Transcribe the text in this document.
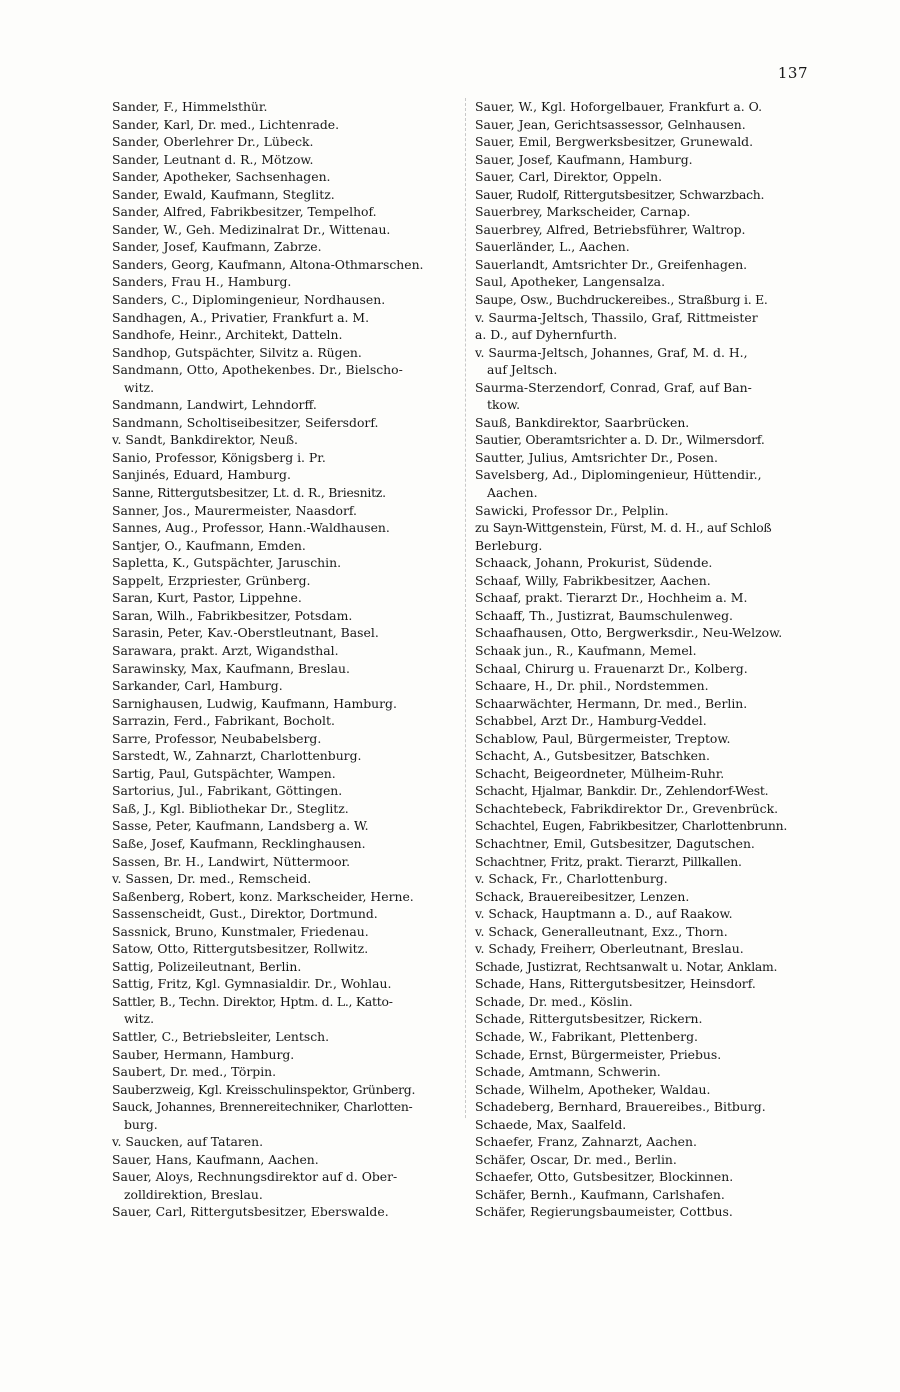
137
Sander, F., Himmelsthür.
Sander, Karl, Dr. med., Lichtenrade.
Sander, Oberlehrer Dr., Lübeck.
Sander, Leutnant d. R., Mötzow.
Sander, Apotheker, Sachsenhagen.
Sander, Ewald, Kaufmann, Steglitz.
Sander, Alfred, Fabrikbesitzer, Tempelhof.
Sander, W., Geh. Medizinalrat Dr., Wittenau.
Sander, Josef, Kaufmann, Zabrze.
Sanders, Georg, Kaufmann, Altona-Othmarschen.
Sanders, Frau H., Hamburg.
Sanders, C., Diplomingenieur, Nordhausen.
Sandhagen, A., Privatier, Frankfurt a. M.
Sandhofe, Heinr., Architekt, Datteln.
Sandhop, Gutspächter, Silvitz a. Rügen.
Sandmann, Otto, Apothekenbes. Dr., Bielscho-
witz.
Sandmann, Landwirt, Lehndorff.
Sandmann, Scholtiseibesitzer, Seifersdorf.
v. Sandt, Bankdirektor, Neuß.
Sanio, Professor, Königsberg i. Pr.
Sanjinés, Eduard, Hamburg.
Sanne, Rittergutsbesitzer, Lt. d. R., Briesnitz.
Sanner, Jos., Maurermeister, Naasdorf.
Sannes, Aug., Professor, Hann.-Waldhausen.
Santjer, O., Kaufmann, Emden.
Sapletta, K., Gutspächter, Jaruschin.
Sappelt, Erzpriester, Grünberg.
Saran, Kurt, Pastor, Lippehne.
Saran, Wilh., Fabrikbesitzer, Potsdam.
Sarasin, Peter, Kav.-Oberstleutnant, Basel.
Sarawara, prakt. Arzt, Wigandsthal.
Sarawinsky, Max, Kaufmann, Breslau.
Sarkander, Carl, Hamburg.
Sarnighausen, Ludwig, Kaufmann, Hamburg.
Sarrazin, Ferd., Fabrikant, Bocholt.
Sarre, Professor, Neubabelsberg.
Sarstedt, W., Zahnarzt, Charlottenburg.
Sartig, Paul, Gutspächter, Wampen.
Sartorius, Jul., Fabrikant, Göttingen.
Saß, J., Kgl. Bibliothekar Dr., Steglitz.
Sasse, Peter, Kaufmann, Landsberg a. W.
Saße, Josef, Kaufmann, Recklinghausen.
Sassen, Br. H., Landwirt, Nüttermoor.
v. Sassen, Dr. med., Remscheid.
Saßenberg, Robert, konz. Markscheider, Herne.
Sassenscheidt, Gust., Direktor, Dortmund.
Sassnick, Bruno, Kunstmaler, Friedenau.
Satow, Otto, Rittergutsbesitzer, Rollwitz.
Sattig, Polizeileutnant, Berlin.
Sattig, Fritz, Kgl. Gymnasialdir. Dr., Wohlau.
Sattler, B., Techn. Direktor, Hptm. d. L., Katto-
witz.
Sattler, C., Betriebsleiter, Lentsch.
Sauber, Hermann, Hamburg.
Saubert, Dr. med., Törpin.
Sauberzweig, Kgl. Kreisschulinspektor, Grünberg.
Sauck, Johannes, Brennereitechniker, Charlotten-
burg.
v. Saucken, auf Tataren.
Sauer, Hans, Kaufmann, Aachen.
Sauer, Aloys, Rechnungsdirektor auf d. Ober-
zolldirektion, Breslau.
Sauer, Carl, Rittergutsbesitzer, Eberswalde.
Sauer, W., Kgl. Hoforgelbauer, Frankfurt a. O.
Sauer, Jean, Gerichtsassessor, Gelnhausen.
Sauer, Emil, Bergwerksbesitzer, Grunewald.
Sauer, Josef, Kaufmann, Hamburg.
Sauer, Carl, Direktor, Oppeln.
Sauer, Rudolf, Rittergutsbesitzer, Schwarzbach.
Sauerbrey, Markscheider, Carnap.
Sauerbrey, Alfred, Betriebsführer, Waltrop.
Sauerländer, L., Aachen.
Sauerlandt, Amtsrichter Dr., Greifenhagen.
Saul, Apotheker, Langensalza.
Saupe, Osw., Buchdruckereibes., Straßburg i. E.
v. Saurma-Jeltsch, Thassilo, Graf, Rittmeister
a. D., auf Dyhernfurth.
v. Saurma-Jeltsch, Johannes, Graf, M. d. H.,
auf Jeltsch.
Saurma-Sterzendorf, Conrad, Graf, auf Ban-
tkow.
Sauß, Bankdirektor, Saarbrücken.
Sautier, Oberamtsrichter a. D. Dr., Wilmersdorf.
Sautter, Julius, Amtsrichter Dr., Posen.
Savelsberg, Ad., Diplomingenieur, Hüttendir.,
Aachen.
Sawicki, Professor Dr., Pelplin.
zu Sayn-Wittgenstein, Fürst, M. d. H., auf Schloß
Berleburg.
Schaack, Johann, Prokurist, Südende.
Schaaf, Willy, Fabrikbesitzer, Aachen.
Schaaf, prakt. Tierarzt Dr., Hochheim a. M.
Schaaff, Th., Justizrat, Baumschulenweg.
Schaafhausen, Otto, Bergwerksdir., Neu-Welzow.
Schaak jun., R., Kaufmann, Memel.
Schaal, Chirurg u. Frauenarzt Dr., Kolberg.
Schaare, H., Dr. phil., Nordstemmen.
Schaarwächter, Hermann, Dr. med., Berlin.
Schabbel, Arzt Dr., Hamburg-Veddel.
Schablow, Paul, Bürgermeister, Treptow.
Schacht, A., Gutsbesitzer, Batschken.
Schacht, Beigeordneter, Mülheim-Ruhr.
Schacht, Hjalmar, Bankdir. Dr., Zehlendorf-West.
Schachtebeck, Fabrikdirektor Dr., Grevenbrück.
Schachtel, Eugen, Fabrikbesitzer, Charlottenbrunn.
Schachtner, Emil, Gutsbesitzer, Dagutschen.
Schachtner, Fritz, prakt. Tierarzt, Pillkallen.
v. Schack, Fr., Charlottenburg.
Schack, Brauereibesitzer, Lenzen.
v. Schack, Hauptmann a. D., auf Raakow.
v. Schack, Generalleutnant, Exz., Thorn.
v. Schady, Freiherr, Oberleutnant, Breslau.
Schade, Justizrat, Rechtsanwalt u. Notar, Anklam.
Schade, Hans, Rittergutsbesitzer, Heinsdorf.
Schade, Dr. med., Köslin.
Schade, Rittergutsbesitzer, Rickern.
Schade, W., Fabrikant, Plettenberg.
Schade, Ernst, Bürgermeister, Priebus.
Schade, Amtmann, Schwerin.
Schade, Wilhelm, Apotheker, Waldau.
Schadeberg, Bernhard, Brauereibes., Bitburg.
Schaede, Max, Saalfeld.
Schaefer, Franz, Zahnarzt, Aachen.
Schäfer, Oscar, Dr. med., Berlin.
Schaefer, Otto, Gutsbesitzer, Blockinnen.
Schäfer, Bernh., Kaufmann, Carlshafen.
Schäfer, Regierungsbaumeister, Cottbus.
